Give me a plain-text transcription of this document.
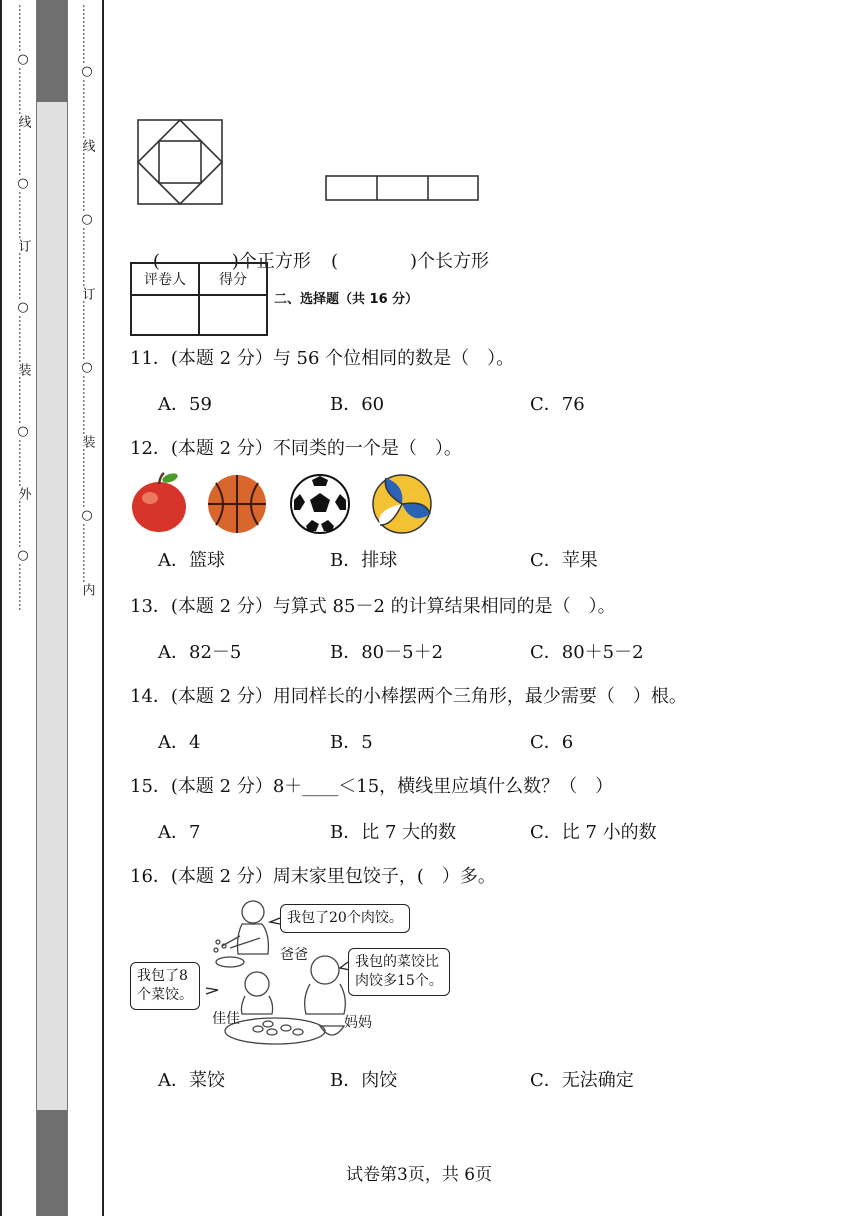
…………
○
…………
线
…………
○
…………
订
…………
○
…………
装
…………
○
…………
外
…………
○
…………
……………
○
……………
线
……………
○
……………
订
……………
○
……………
装
……………
○
……………
内

(　　　　)个正方形 (　　　　)个长方形

评卷人	得分

二、选择题（共 16 分）
11．(本题 2 分）与 56 个位相同的数是（　）。
A．59	B．60	C．76
12．(本题 2 分）不同类的一个是（　）。
A．篮球	B．排球	C．苹果
13．(本题 2 分）与算式 85－2 的计算结果相同的是（　）。
A．82－5	B．80－5＋2	C．80＋5－2
14．(本题 2 分）用同样长的小棒摆两个三角形，最少需要（　）根。
A．4	B．5	C．6
15．(本题 2 分）8＋____＜15，横线里应填什么数？（　）
A．7	B．比 7 大的数	C．比 7 小的数
16．(本题 2 分）周末家里包饺子，(　）多。
我包了20个肉饺。
爸爸	我包的菜饺比
肉饺多15个。
妈妈
我包了8
个菜饺。
佳佳
A．菜饺	B．肉饺	C．无法确定
试卷第3页，共 6页
